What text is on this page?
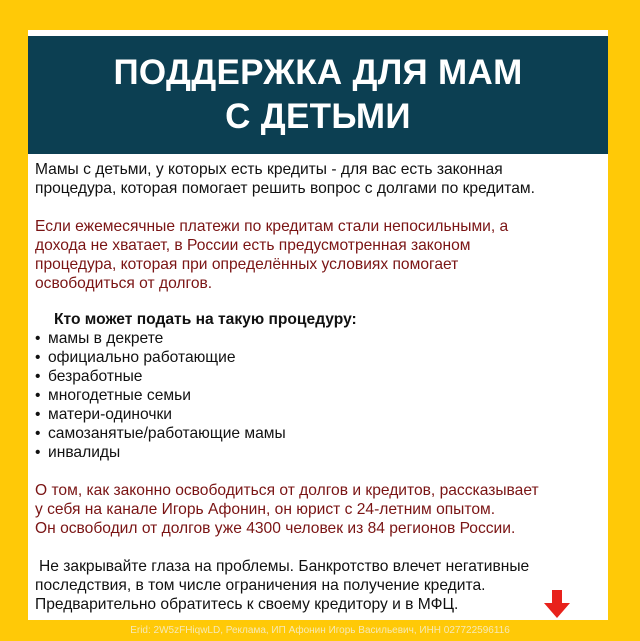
ПОДДЕРЖКА ДЛЯ МАМ
С ДЕТЬМИ

Мамы с детьми, у которых есть кредиты - для вас есть законная

процедура, которая помогает решить вопрос с долгами по кредитам.

Если ежемесячные платежи по кредитам стали непосильными, а

дохода не хватает, в России есть предусмотренная законом

процедура, которая при определённых условиях помогает

освободиться от долгов.

Кто может подать на такую процедуру:

• мамы в декрете
• официально работающие
• безработные
• многодетные семьи
• матери-одиночки
• самозанятые/работающие мамы
• инвалиды

О том, как законно освободиться от долгов и кредитов, рассказывает

у себя на канале Игорь Афонин, он юрист с 24-летним опытом.

Он освободил от долгов уже 4300 человек из 84 регионов России.

Не закрывайте глаза на проблемы. Банкротство влечет негативные

последствия, в том числе ограничения на получение кредита.

Предварительно обратитесь к своему кредитору и в МФЦ.

Erid: 2W5zFHiqwLD, Реклама, ИП Афонин Игорь Васильевич, ИНН 027722596116
